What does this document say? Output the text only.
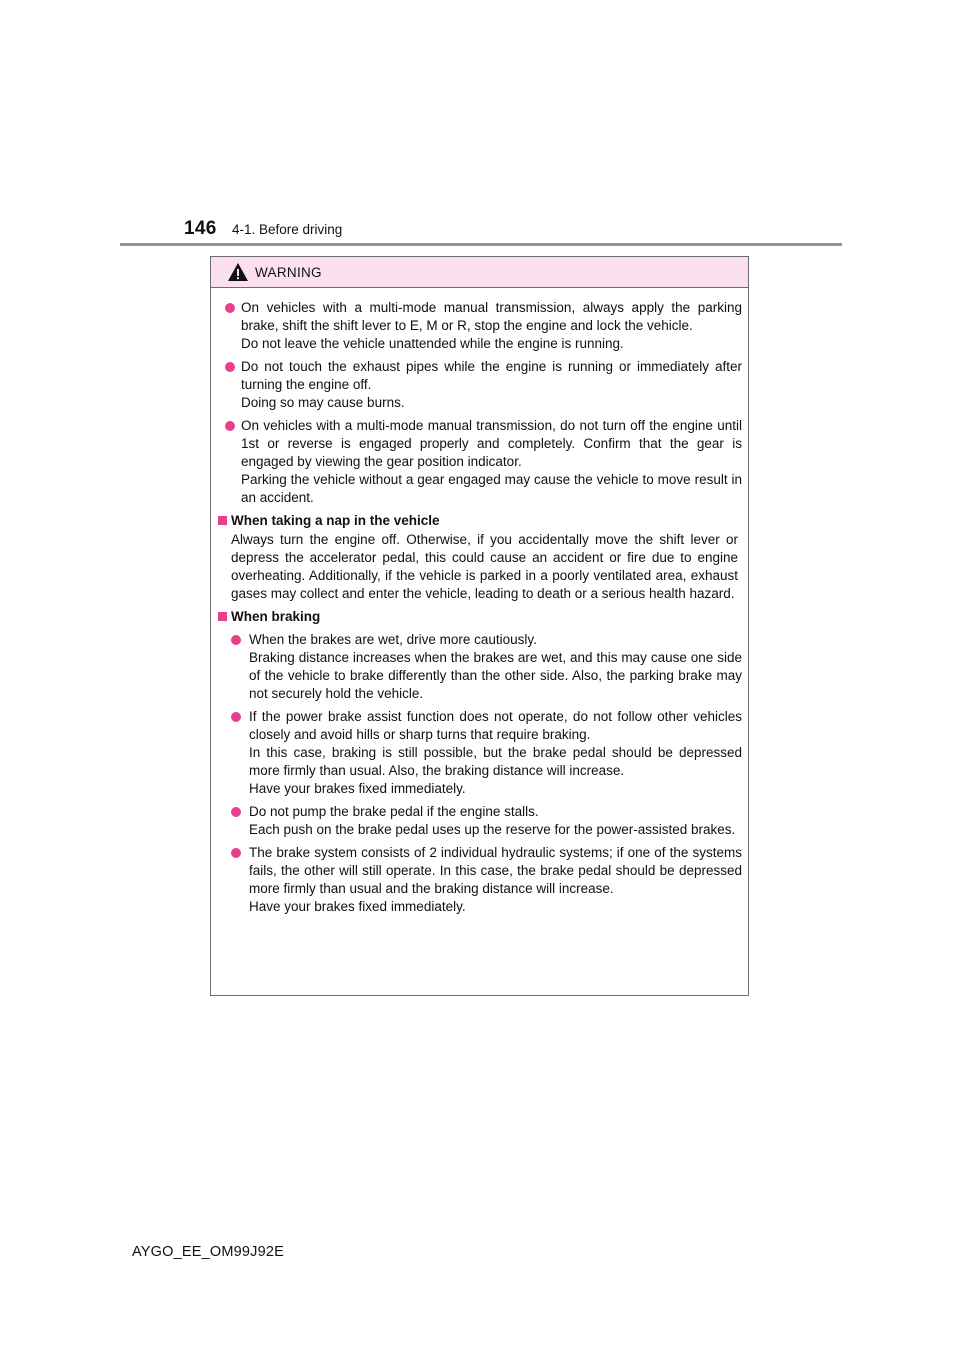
146 4-1. Before driving
WARNING
On vehicles with a multi-mode manual transmission, always apply the parking brake, shift the shift lever to E, M or R, stop the engine and lock the vehicle.
Do not leave the vehicle unattended while the engine is running.
Do not touch the exhaust pipes while the engine is running or immediately after turning the engine off.
Doing so may cause burns.
On vehicles with a multi-mode manual transmission, do not turn off the engine until 1st or reverse is engaged properly and completely. Confirm that the gear is engaged by viewing the gear position indicator.
Parking the vehicle without a gear engaged may cause the vehicle to move result in an accident.
When taking a nap in the vehicle
Always turn the engine off. Otherwise, if you accidentally move the shift lever or depress the accelerator pedal, this could cause an accident or fire due to engine overheating. Additionally, if the vehicle is parked in a poorly ventilated area, exhaust gases may collect and enter the vehicle, leading to death or a serious health hazard.
When braking
When the brakes are wet, drive more cautiously.
Braking distance increases when the brakes are wet, and this may cause one side of the vehicle to brake differently than the other side. Also, the parking brake may not securely hold the vehicle.
If the power brake assist function does not operate, do not follow other vehicles closely and avoid hills or sharp turns that require braking.
In this case, braking is still possible, but the brake pedal should be depressed more firmly than usual. Also, the braking distance will increase.
Have your brakes fixed immediately.
Do not pump the brake pedal if the engine stalls.
Each push on the brake pedal uses up the reserve for the power-assisted brakes.
The brake system consists of 2 individual hydraulic systems; if one of the systems fails, the other will still operate. In this case, the brake pedal should be depressed more firmly than usual and the braking distance will increase.
Have your brakes fixed immediately.
AYGO_EE_OM99J92E
